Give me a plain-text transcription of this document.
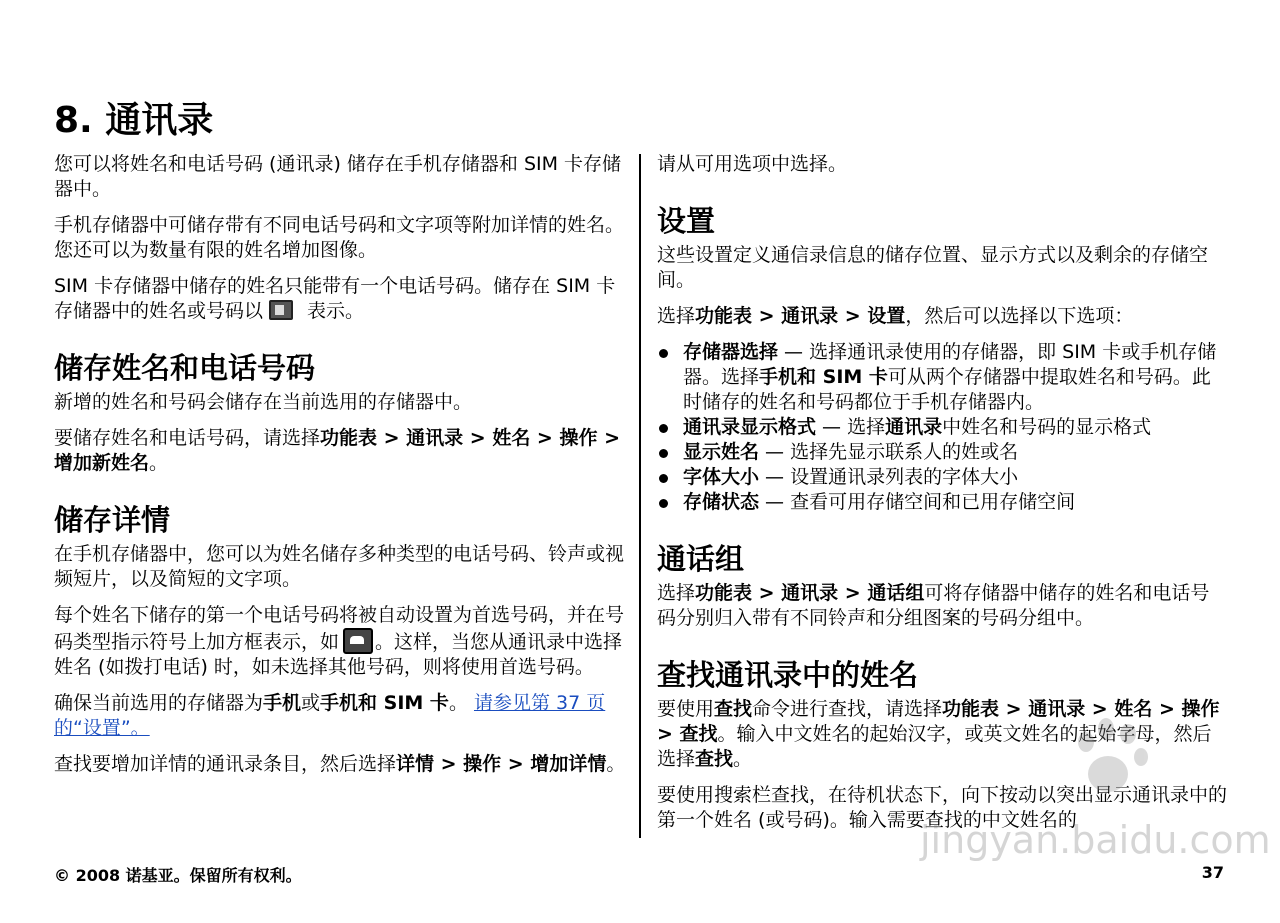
8. 通讯录

您可以将姓名和电话号码 (通讯录) 储存在手机存储器和 SIM 卡存储器中。

手机存储器中可储存带有不同电话号码和文字项等附加详情的姓名。您还可以为数量有限的姓名增加图像。

SIM 卡存储器中储存的姓名只能带有一个电话号码。储存在 SIM 卡存储器中的姓名或号码以 表示。

储存姓名和电话号码

新增的姓名和号码会储存在当前选用的存储器中。

要储存姓名和电话号码，请选择功能表 > 通讯录 > 姓名 > 操作 > 增加新姓名。

储存详情

在手机存储器中，您可以为姓名储存多种类型的电话号码、铃声或视频短片，以及简短的文字项。

每个姓名下储存的第一个电话号码将被自动设置为首选号码，并在号码类型指示符号上加方框表示，如 。这样，当您从通讯录中选择姓名 (如拨打电话) 时，如未选择其他号码，则将使用首选号码。

确保当前选用的存储器为手机或手机和 SIM 卡。 请参见第 37 页的“设置”。

查找要增加详情的通讯录条目，然后选择详情 > 操作 > 增加详情。

请从可用选项中选择。

设置

这些设置定义通信录信息的储存位置、显示方式以及剩余的存储空间。

选择功能表 > 通讯录 > 设置，然后可以选择以下选项：

存储器选择 — 选择通讯录使用的存储器，即 SIM 卡或手机存储器。选择手机和 SIM 卡可从两个存储器中提取姓名和号码。此时储存的姓名和号码都位于手机存储器内。
通讯录显示格式 — 选择通讯录中姓名和号码的显示格式
显示姓名 — 选择先显示联系人的姓或名
字体大小 — 设置通讯录列表的字体大小
存储状态 — 查看可用存储空间和已用存储空间
通话组

选择功能表 > 通讯录 > 通话组可将存储器中储存的姓名和电话号码分别归入带有不同铃声和分组图案的号码分组中。

查找通讯录中的姓名

要使用查找命令进行查找，请选择功能表 > 通讯录 > 姓名 > 操作 > 查找。输入中文姓名的起始汉字，或英文姓名的起始字母，然后选择查找。

要使用搜索栏查找，在待机状态下，向下按动以突出显示通讯录中的第一个姓名 (或号码)。输入需要查找的中文姓名的

© 2008 诺基亚。保留所有权利。	37
jingyan.baidu.com
